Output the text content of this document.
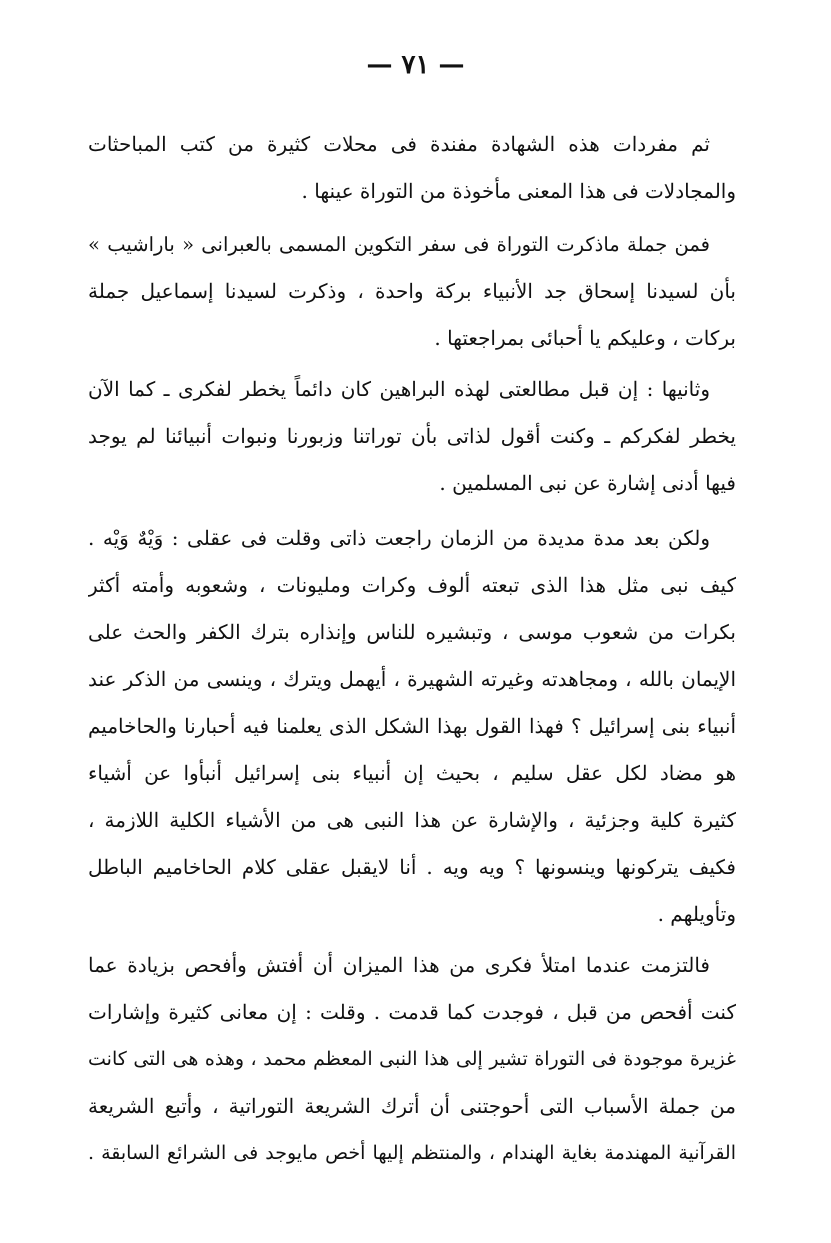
— ٧١ —
ثم مفردات هذه الشهادة مفندة فى محلات كثيرة من كتب المباحثات
والمجادلات فى هذا المعنى مأخوذة من التوراة عينها .
فمن جملة ماذكرت التوراة فى سفر التكوين المسمى بالعبرانى « باراشيب »
بأن لسيدنا إسحاق جد الأنبياء بركة واحدة ، وذكرت لسيدنا إسماعيل جملة
بركات ، وعليكم يا أحبائى بمراجعتها .
وثانيها : إن قبل مطالعتى لهذه البراهين كان دائماً يخطر لفكرى ـ كما الآن
يخطر لفكركم ـ وكنت أقول لذاتى بأن توراتنا وزبورنا ونبوات أنبيائنا لم يوجد
فيها أدنى إشارة عن نبى المسلمين .
ولكن بعد مدة مديدة من الزمان راجعت ذاتى وقلت فى عقلى : وَيْهٌ وَيْه .
كيف نبى مثل هذا الذى تبعته ألوف وكرات ومليونات ، وشعوبه وأمته أكثر
بكرات من شعوب موسى ، وتبشيره للناس وإنذاره بترك الكفر والحث على
الإيمان بالله ، ومجاهدته وغيرته الشهيرة ، أيهمل ويترك ، وينسى من الذكر عند
أنبياء بنى إسرائيل ؟ فهذا القول بهذا الشكل الذى يعلمنا فيه أحبارنا والحاخاميم
هو مضاد لكل عقل سليم ، بحيث إن أنبياء بنى إسرائيل أنبأوا عن أشياء
كثيرة كلية وجزئية ، والإشارة عن هذا النبى هى من الأشياء الكلية اللازمة ،
فكيف يتركونها وينسونها ؟ ويه ويه . أنا لايقبل عقلى كلام الحاخاميم الباطل
وتأويلهم .
فالتزمت عندما امتلأ فكرى من هذا الميزان أن أفتش وأفحص بزيادة عما
كنت أفحص من قبل ، فوجدت كما قدمت . وقلت : إن معانى كثيرة وإشارات
غزيرة موجودة فى التوراة تشير إلى هذا النبى المعظم محمد ، وهذه هى التى كانت
من جملة الأسباب التى أحوجتنى أن أترك الشريعة التوراتية ، وأتبع الشريعة
القرآنية المهندمة بغاية الهندام ، والمنتظم إليها أخص مايوجد فى الشرائع السابقة .
